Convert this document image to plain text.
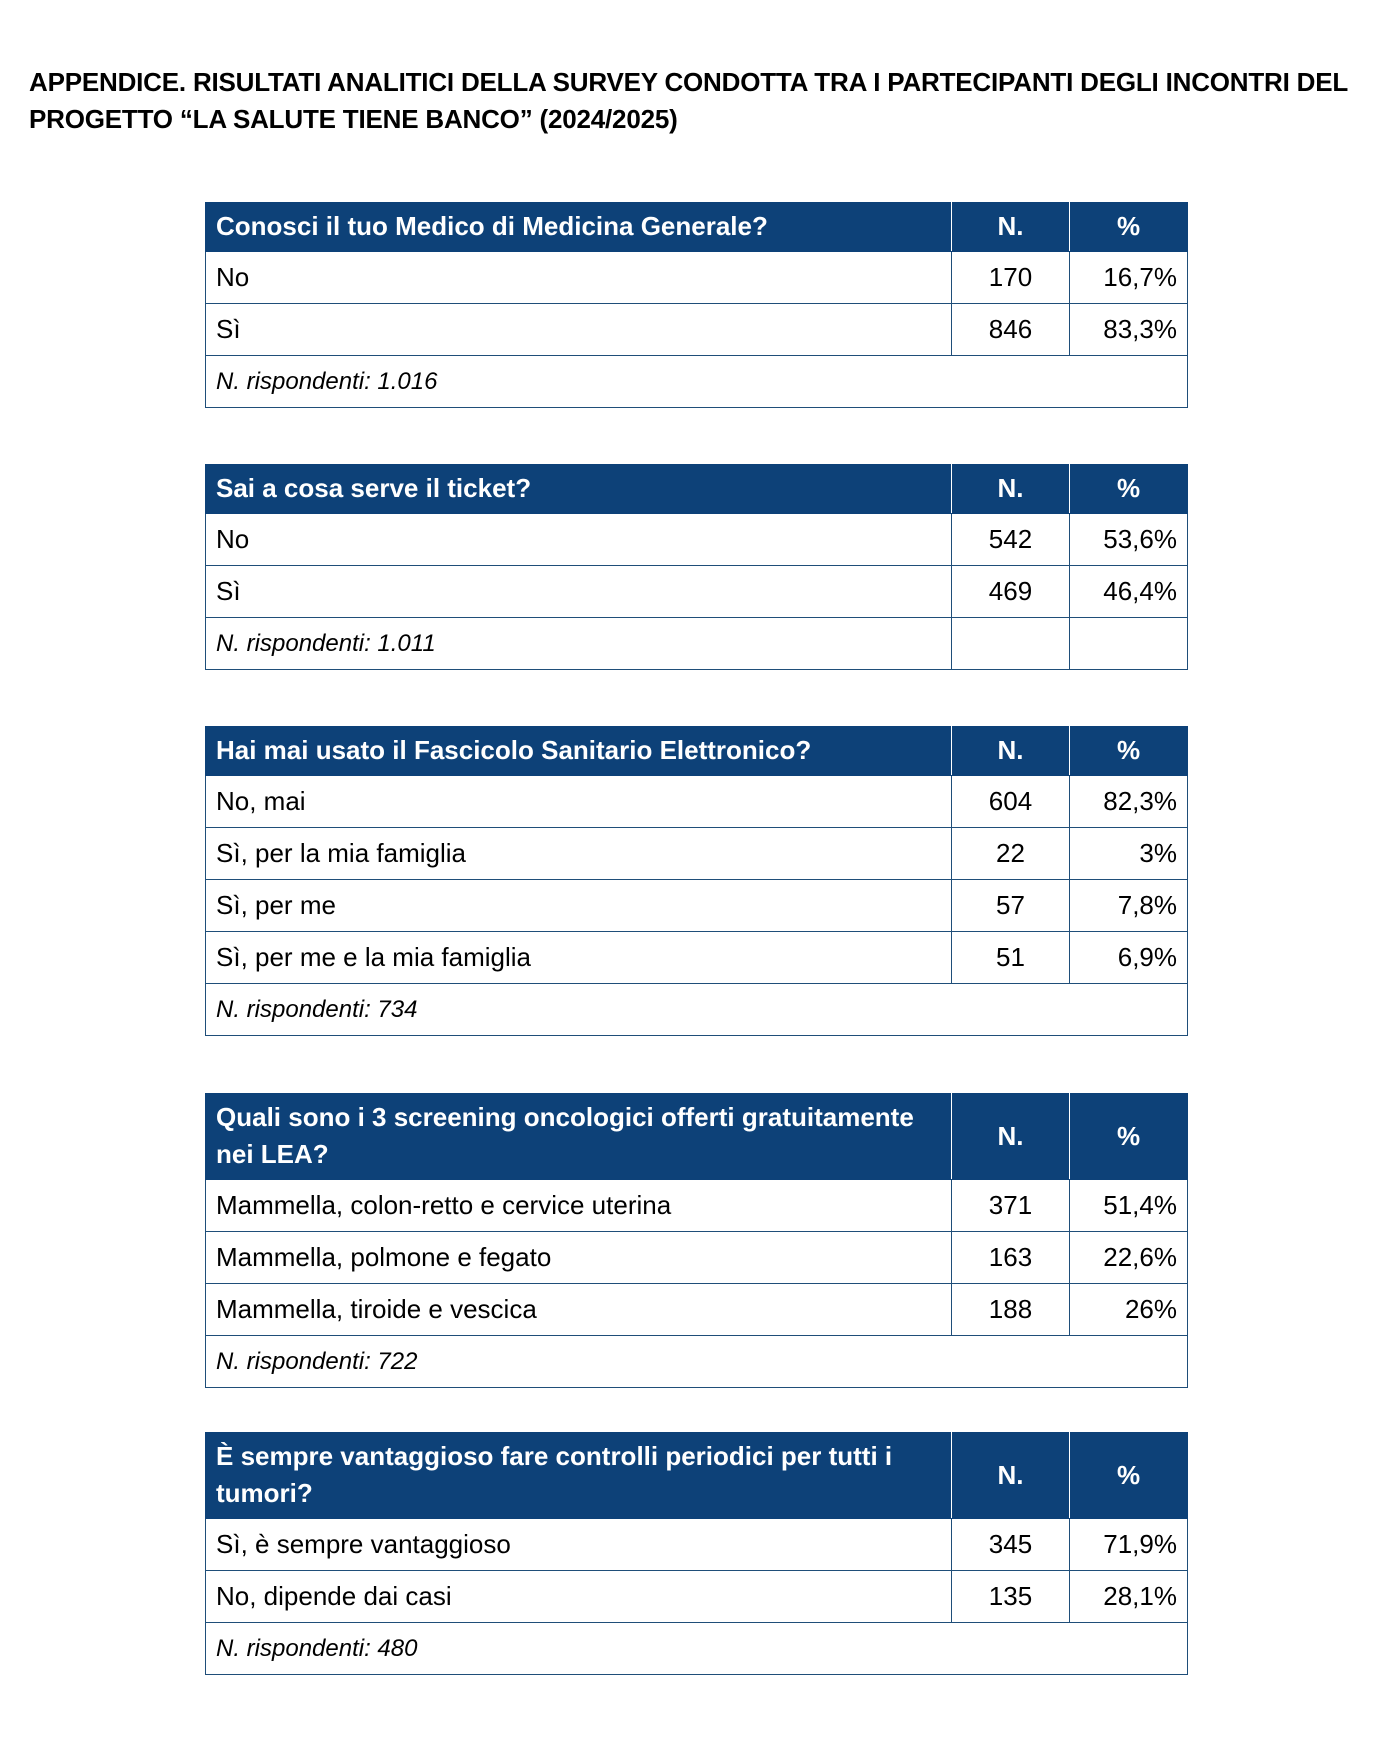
APPENDICE. RISULTATI ANALITICI DELLA SURVEY CONDOTTA TRA I PARTECIPANTI DEGLI INCONTRI DEL
PROGETTO “LA SALUTE TIENE BANCO” (2024/2025)
Conosci il tuo Medico di Medicina Generale?	N.	%
No	170	16,7%
Sì	846	83,3%
N. rispondenti: 1.016		
Sai a cosa serve il ticket?	N.	%
No	542	53,6%
Sì	469	46,4%
N. rispondenti: 1.011		
Hai mai usato il Fascicolo Sanitario Elettronico?	N.	%
No, mai	604	82,3%
Sì, per la mia famiglia	22	3%
Sì, per me	57	7,8%
Sì, per me e la mia famiglia	51	6,9%
N. rispondenti: 734		
Quali sono i 3 screening oncologici offerti gratuitamente nei LEA?	N.	%
Mammella, colon-retto e cervice uterina	371	51,4%
Mammella, polmone e fegato	163	22,6%
Mammella, tiroide e vescica	188	26%
N. rispondenti: 722		
È sempre vantaggioso fare controlli periodici per tutti i tumori?	N.	%
Sì, è sempre vantaggioso	345	71,9%
No, dipende dai casi	135	28,1%
N. rispondenti: 480		
